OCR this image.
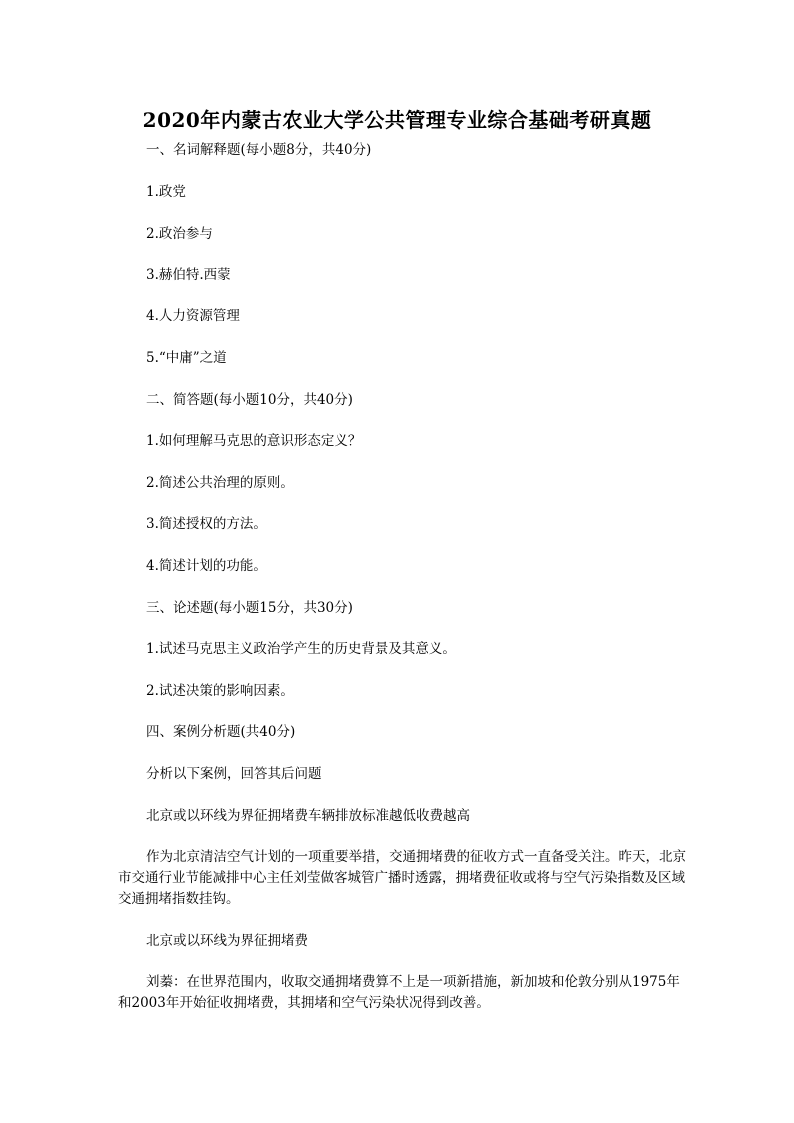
2020年内蒙古农业大学公共管理专业综合基础考研真题
一、名词解释题(每小题8分，共40分)
1.政党
2.政治参与
3.赫伯特.西蒙
4.人力资源管理
5.“中庸”之道
二、简答题(每小题10分，共40分)
1.如何理解马克思的意识形态定义？
2.简述公共治理的原则。
3.简述授权的方法。
4.简述计划的功能。
三、论述题(每小题15分，共30分)
1.试述马克思主义政治学产生的历史背景及其意义。
2.试述决策的影响因素。
四、案例分析题(共40分)
分析以下案例，回答其后问题
北京或以环线为界征拥堵费车辆排放标准越低收费越高
作为北京清洁空气计划的一项重要举措，交通拥堵费的征收方式一直备受关注。昨天，北京市交通行业节能减排中心主任刘莹做客城管广播时透露，拥堵费征收或将与空气污染指数及区域交通拥堵指数挂钩。
北京或以环线为界征拥堵费
刘蓁：在世界范围内，收取交通拥堵费算不上是一项新措施，新加坡和伦敦分别从1975年和2003年开始征收拥堵费，其拥堵和空气污染状况得到改善。
